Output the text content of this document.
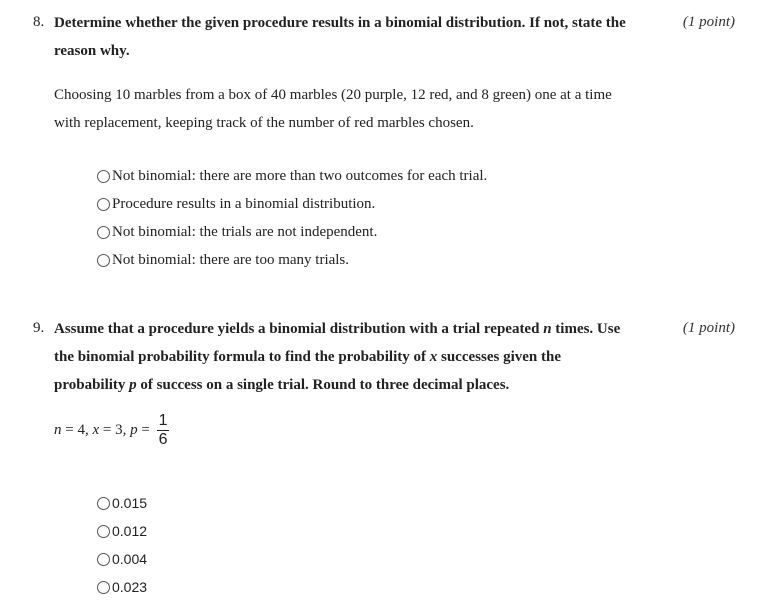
8. Determine whether the given procedure results in a binomial distribution. If not, state the
reason why.
(1 point)
Choosing 10 marbles from a box of 40 marbles (20 purple, 12 red, and 8 green) one at a time
with replacement, keeping track of the number of red marbles chosen.
Not binomial: there are more than two outcomes for each trial.
Procedure results in a binomial distribution.
Not binomial: the trials are not independent.
Not binomial: there are too many trials.
9. Assume that a procedure yields a binomial distribution with a trial repeated n times. Use
the binomial probability formula to find the probability of x successes given the
probability p of success on a single trial. Round to three decimal places.
(1 point)
n = 4, x = 3, $p = \frac{1}{6}$
0.015
0.012
0.004
0.023
